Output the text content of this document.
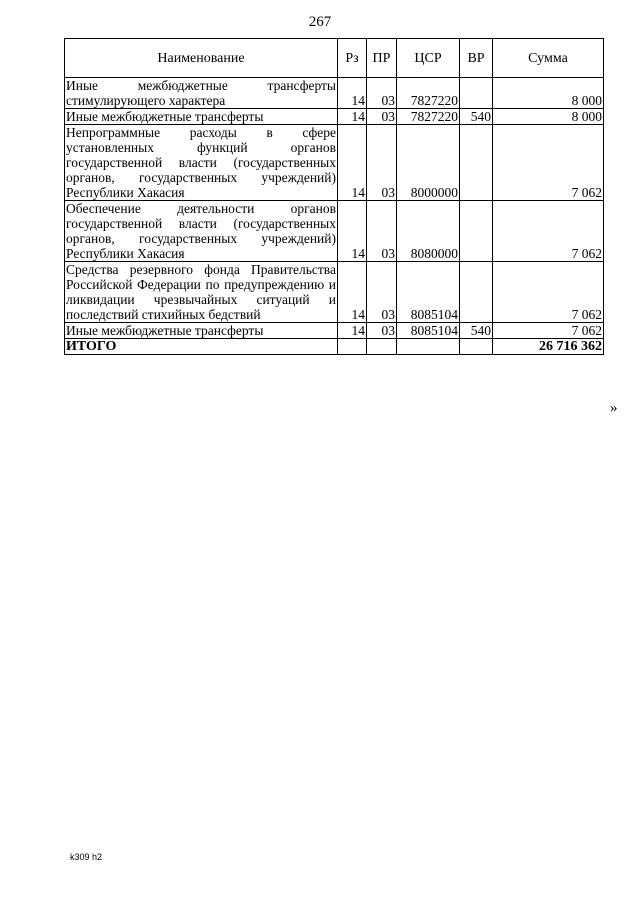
267
Наименование	Рз	ПР	ЦСР	ВР	Сумма
Иные межбюджетные трансферты стимулирующего характера	14	03	7827220		8 000
Иные межбюджетные трансферты	14	03	7827220	540	8 000
Непрограммные расходы в сфере установленных функций органов государственной власти (государственных органов, государственных учреждений) Республики Хакасия	14	03	8000000		7 062
Обеспечение деятельности органов государственной власти (государственных органов, государственных учреждений) Республики Хакасия	14	03	8080000		7 062
Средства резервного фонда Правительства Российской Федерации по предупреждению и ликвидации чрезвычайных ситуаций и последствий стихийных бедствий	14	03	8085104		7 062
Иные межбюджетные трансферты	14	03	8085104	540	7 062
ИТОГО					26 716 362
»
k309 h2
